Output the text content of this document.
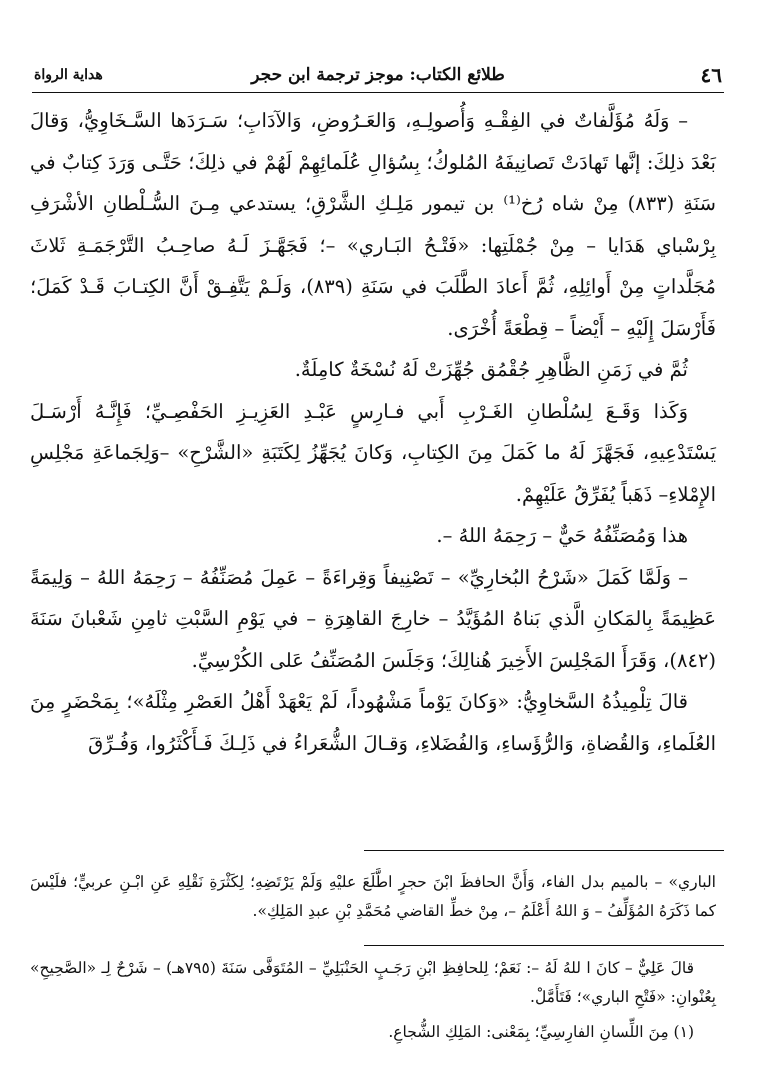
٤٦
طلائع الكتاب: موجز ترجمة ابن حجر
هداية الرواة

– وَلَهُ مُؤَلَّفاتٌ في الفِقْـهِ وَأُصولِـهِ، وَالعَـرُوضِ، وَالآدَابِ؛ سَـرَدَها السَّـخَاوِيُّ، وَقالَ بَعْدَ ذلِكَ: إنَّها تَهادَتْ تَصانِيفَهُ المُلوكُ؛ بِسُؤالِ عُلَمائِهِمْ لَهُمْ في ذلِكَ؛ حَتَّـى وَرَدَ كِتابٌ في سَنَةِ (٨٣٣) مِنْ شاه رُخ⁽¹⁾ بن تيمور مَلِـكِ الشَّرْقِ؛ يستدعي مِـنَ السُّـلْطانِ الأشْرَفِ بِرْسْباي هَدَايا – مِنْ جُمْلَتِها: «فَتْـحُ البَـاري» –؛ فَجَهَّـزَ لَـهُ صاحِـبُ التَّرْجَمَـةِ ثَلاثَ مُجَلَّداتٍ مِنْ أَوائِلِهِ، ثُمَّ أَعادَ الطَّلَبَ في سَنَةِ (٨٣٩)، وَلَـمْ يَتَّفِـقْ أَنَّ الكِتـابَ قَـدْ كَمَلَ؛ فَأَرْسَلَ إِلَيْهِ – أَيْضاً – قِطْعَةً أُخْرَى.

ثُمَّ في زَمَنِ الظَّاهِرِ جُقْمُق جُهِّزَتْ لَهُ نُسْخَةٌ كامِلَةٌ.

وَكَذا وَقَـعَ لِسُلْطانِ الغَـرْبِ أَبي فـارِسٍ عَبْـدِ العَزِيـزِ الحَفْصِـيِّ؛ فَإِنَّـهُ أَرْسَـلَ يَسْتَدْعِيهِ، فَجَهَّزَ لَهُ ما كَمَلَ مِنَ الكِتابِ، وَكانَ يُجَهِّزُ لِكَتَبَةِ «الشَّرْحِ» –وَلِجَماعَةِ مَجْلِسِ الإِمْلاءِ– ذَهَباً يُفَرِّقُ عَلَيْهِمْ.

هذا وَمُصَنِّفُهُ حَيٌّ – رَحِمَهُ اللهُ –.

– وَلَمَّا كَمَلَ «شَرْحُ البُخارِيِّ» – تَصْنِيفاً وَقِراءَةً – عَمِلَ مُصَنِّفُهُ – رَحِمَهُ اللهُ – وَلِيمَةً عَظِيمَةً بِالمَكانِ الَّذي بَناهُ المُؤَيَّدُ – خارِجَ القاهِرَةِ – في يَوْمِ السَّبْتِ ثامِنِ شَعْبانَ سَنَةَ (٨٤٢)، وَقَرَأَ المَجْلِسَ الأَخِيرَ هُنالِكَ؛ وَجَلَسَ المُصَنِّفُ عَلى الكُرْسِيِّ.

قالَ تِلْمِيذُهُ السَّخاوِيُّ: «وَكانَ يَوْماً مَشْهُوداً، لَمْ يَعْهَدْ أَهْلُ العَصْرِ مِثْلَهُ»؛ بِمَحْضَرٍ مِنَ العُلَماءِ، وَالقُضاةِ، وَالرُّؤَساءِ، وَالفُضَلاءِ، وَقـالَ الشُّعَراءُ في ذَلِـكَ فَـأَكْثَرُوا، وَفُـرِّقَ

الباري» – بالميم بدل الفاء، وَأَنَّ الحافظَ ابْنَ حجرٍ اطَّلَعَ عليْهِ وَلَمْ يَرْتَضِهِ؛ لِكَثْرَةِ نَقْلِهِ عَنِ ابْـنِ عربيٍّ؛ فلَيْسَ كما ذَكَرَهُ المُؤَلِّفُ – وَ اللهُ أَعْلَمُ –، مِنْ خطِّ القاضي مُحَمَّدِ بْنِ عبدِ المَلِكِ».

قالَ عَلِيٌّ – كانَ ا للهُ لَهُ –: نَعَمْ؛ لِلحافِظِ ابْنِ رَجَـبٍ الحَنْبَلِيِّ – المُتَوَفَّى سَنَةَ (٧٩٥هـ) – شَرْحٌ لِـ «الصَّحِيحِ» بِعُنْوانِ: «فَتْحِ الباري»؛ فَتَأَمَّلْ.

(١) مِنَ اللِّسانِ الفارِسِيِّ؛ بِمَعْنى: المَلِكِ الشُّجاعِ.
